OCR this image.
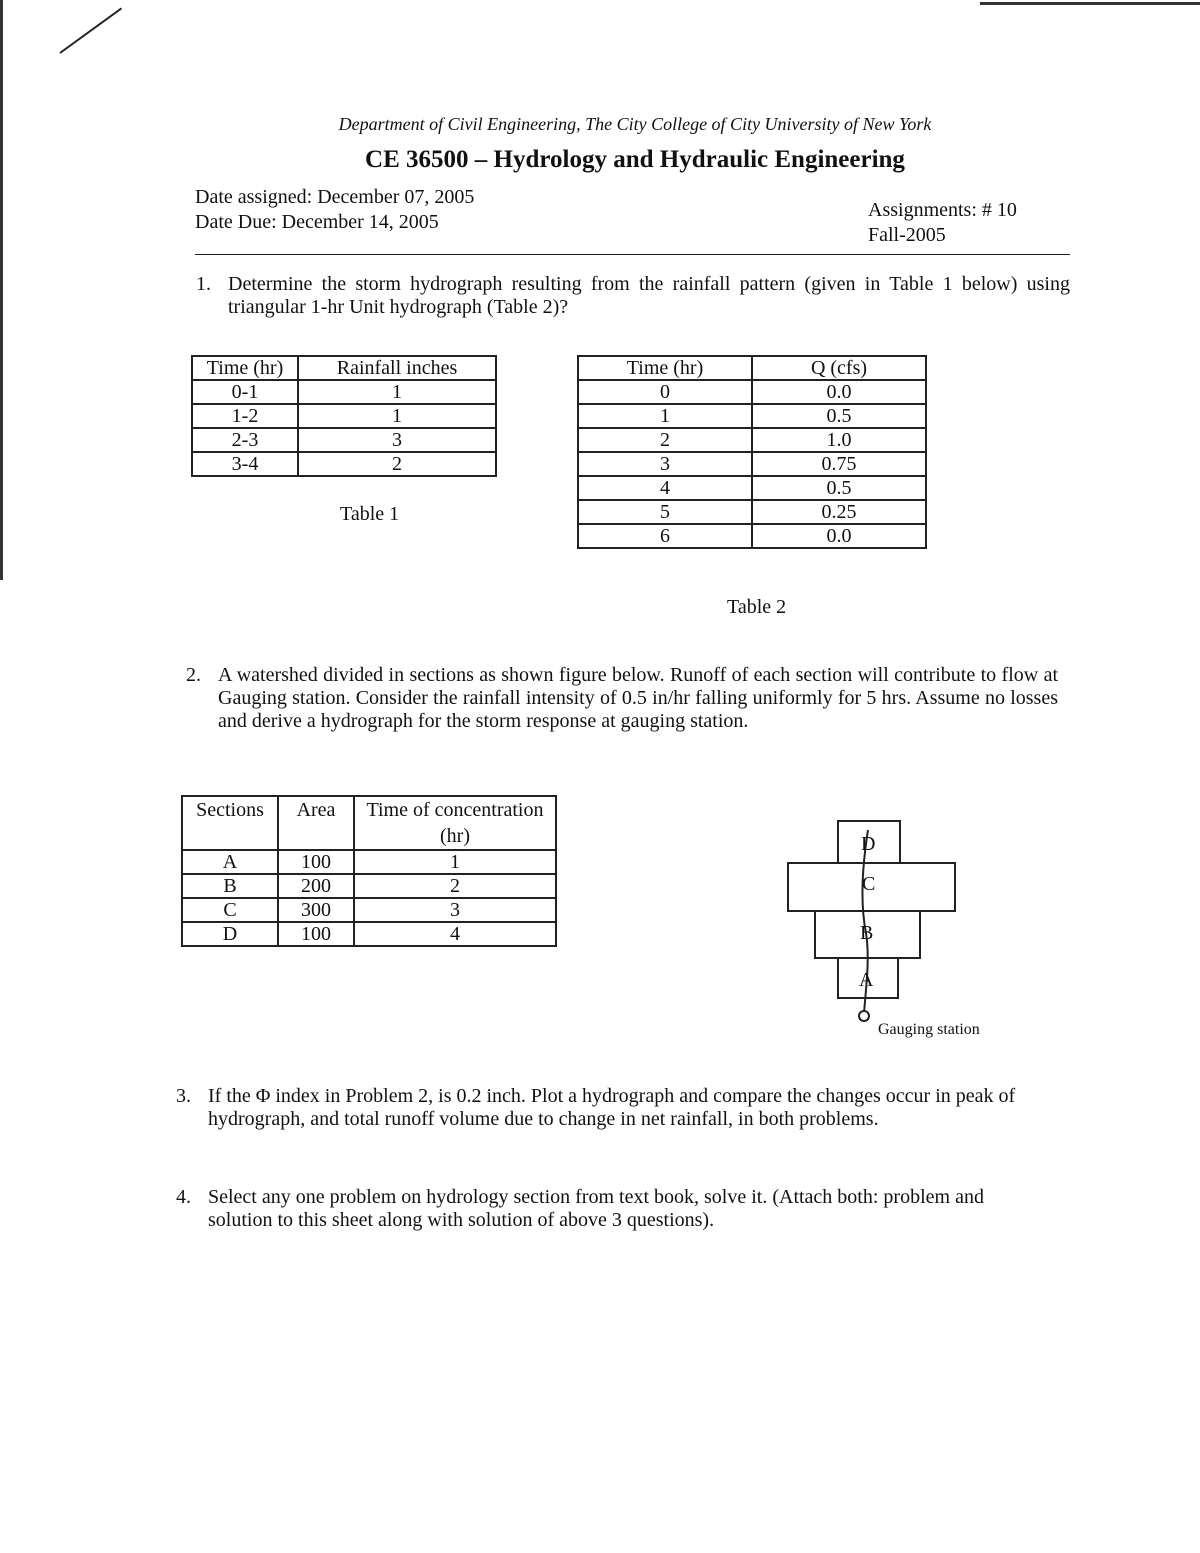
Department of Civil Engineering, The City College of City University of New York
CE 36500 – Hydrology and Hydraulic Engineering
Date assigned: December 07, 2005
Date Due: December 14, 2005
Assignments: # 10
Fall-2005
1. Determine the storm hydrograph resulting from the rainfall pattern (given in Table 1 below) using triangular 1-hr Unit hydrograph (Table 2)?
Time (hr)	Rainfall inches
0-1	1
1-2	1
2-3	3
3-4	2
Table 1
Time (hr)	Q (cfs)
0	0.0
1	0.5
2	1.0
3	0.75
4	0.5
5	0.25
6	0.0
Table 2
2. A watershed divided in sections as shown figure below. Runoff of each section will contribute to flow at Gauging station. Consider the rainfall intensity of 0.5 in/hr falling uniformly for 5 hrs. Assume no losses and derive a hydrograph for the storm response at gauging station.
Sections	Area	Time of concentration (hr)
A	100	1
B	200	2
C	300	3
D	100	4
D
C
B
A
Gauging station
3. If the Φ index in Problem 2, is 0.2 inch. Plot a hydrograph and compare the changes occur in peak of hydrograph, and total runoff volume due to change in net rainfall, in both problems.
4. Select any one problem on hydrology section from text book, solve it. (Attach both: problem and solution to this sheet along with solution of above 3 questions).
